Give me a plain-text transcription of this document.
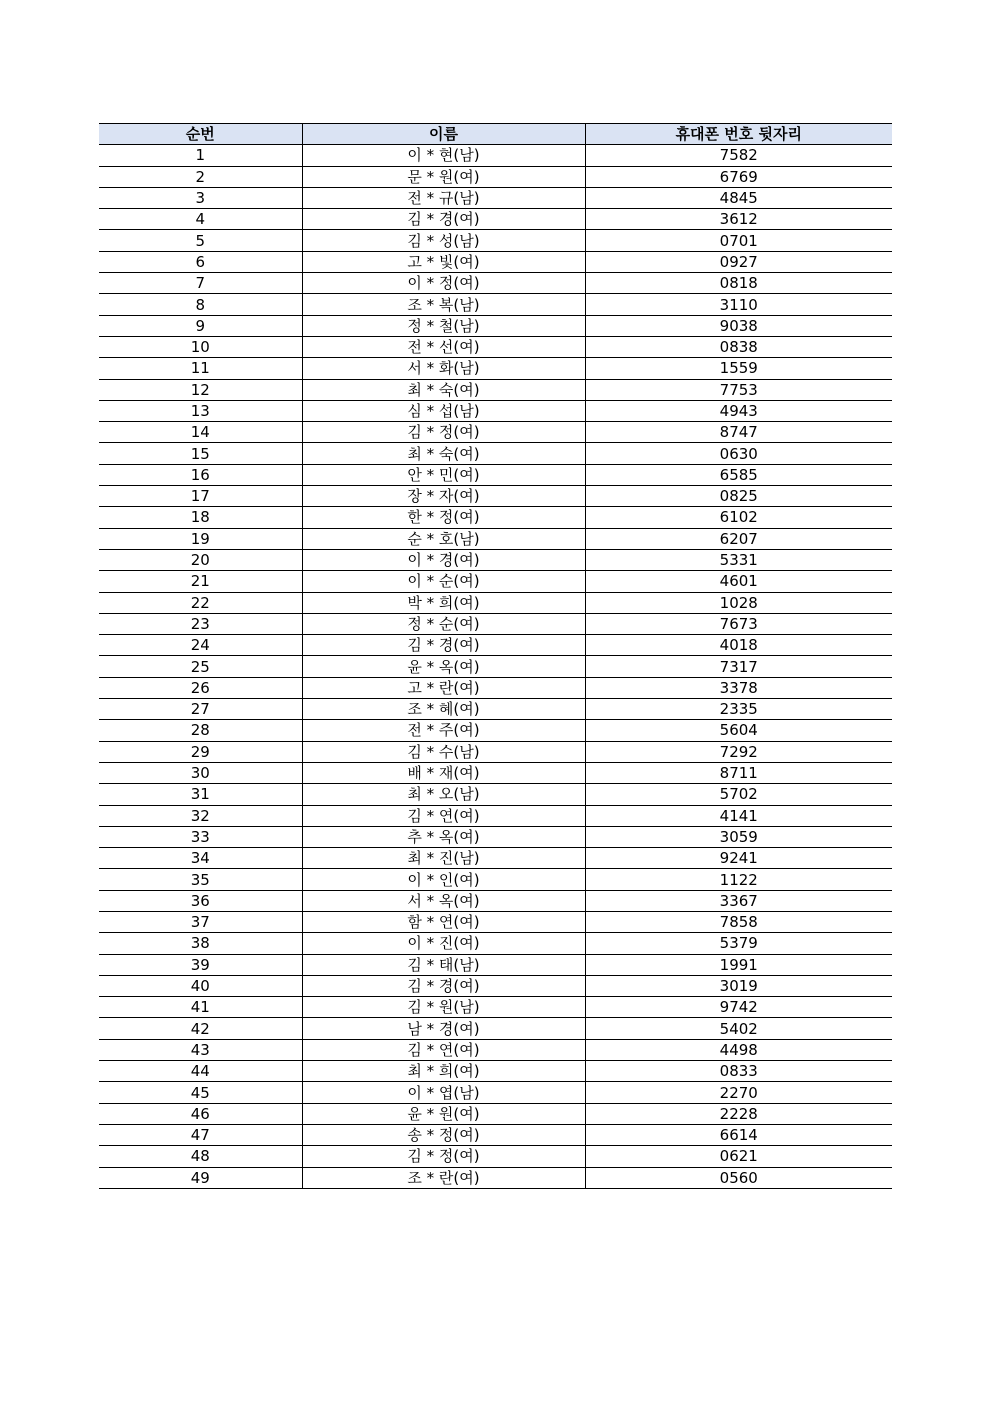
순번	이름	휴대폰 번호 뒷자리
1	이 * 현(남)	7582
2	문 * 원(여)	6769
3	전 * 규(남)	4845
4	김 * 경(여)	3612
5	김 * 성(남)	0701
6	고 * 빛(여)	0927
7	이 * 정(여)	0818
8	조 * 복(남)	3110
9	정 * 철(남)	9038
10	전 * 선(여)	0838
11	서 * 화(남)	1559
12	최 * 숙(여)	7753
13	심 * 섭(남)	4943
14	김 * 정(여)	8747
15	최 * 숙(여)	0630
16	안 * 민(여)	6585
17	장 * 자(여)	0825
18	한 * 정(여)	6102
19	순 * 호(남)	6207
20	이 * 경(여)	5331
21	이 * 순(여)	4601
22	박 * 희(여)	1028
23	정 * 순(여)	7673
24	김 * 경(여)	4018
25	윤 * 옥(여)	7317
26	고 * 란(여)	3378
27	조 * 혜(여)	2335
28	전 * 주(여)	5604
29	김 * 수(남)	7292
30	배 * 재(여)	8711
31	최 * 오(남)	5702
32	김 * 연(여)	4141
33	추 * 옥(여)	3059
34	최 * 진(남)	9241
35	이 * 인(여)	1122
36	서 * 옥(여)	3367
37	함 * 연(여)	7858
38	이 * 진(여)	5379
39	김 * 태(남)	1991
40	김 * 경(여)	3019
41	김 * 원(남)	9742
42	남 * 경(여)	5402
43	김 * 연(여)	4498
44	최 * 희(여)	0833
45	이 * 엽(남)	2270
46	윤 * 원(여)	2228
47	송 * 정(여)	6614
48	김 * 정(여)	0621
49	조 * 란(여)	0560
